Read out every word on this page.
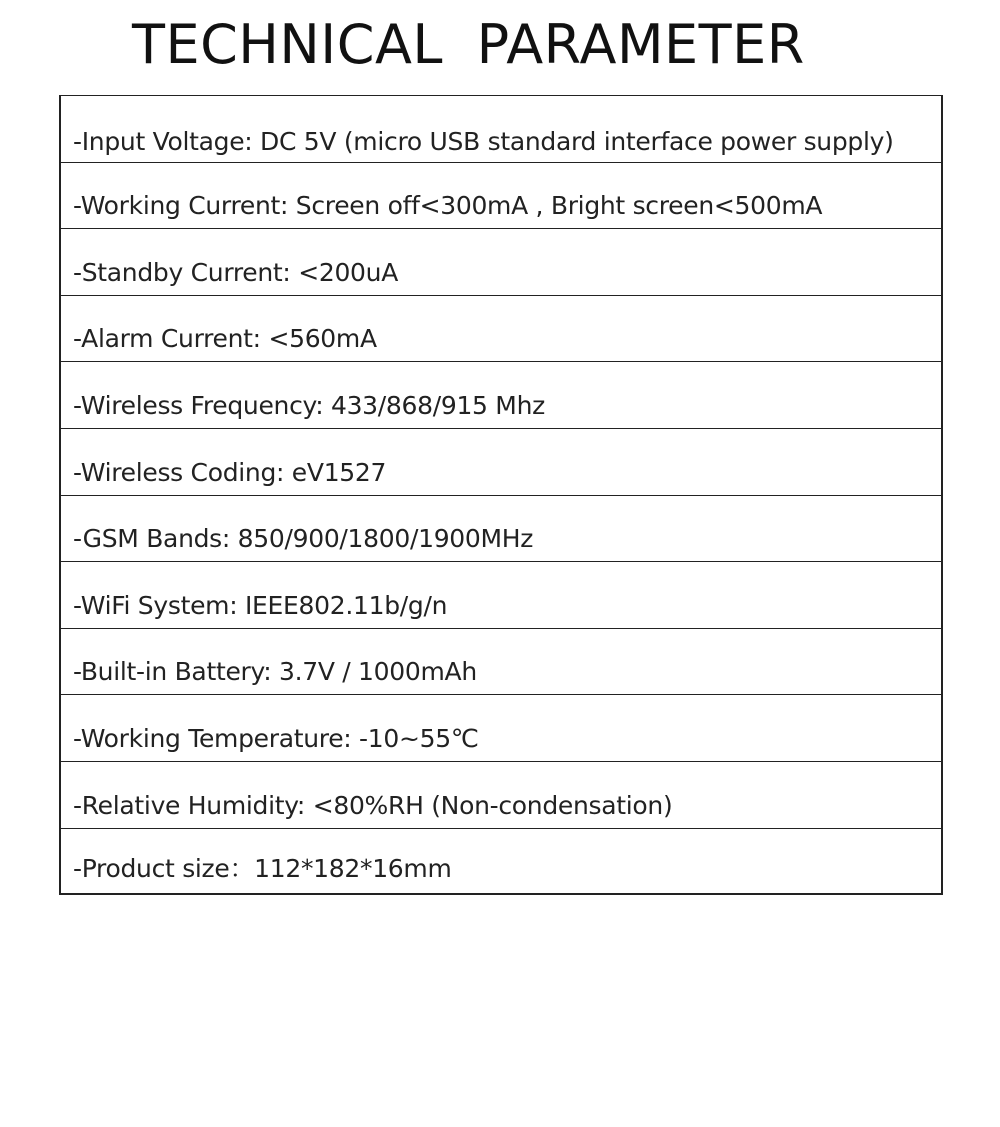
TECHNICAL PARAMETER
-Input Voltage: DC 5V (micro USB standard interface power supply)
-Working Current: Screen off<300mA , Bright screen<500mA
-Standby Current: <200uA
-Alarm Current: <560mA
-Wireless Frequency: 433/868/915 Mhz
-Wireless Coding: eV1527
-GSM Bands: 850/900/1800/1900MHz
-WiFi System: IEEE802.11b/g/n
-Built-in Battery: 3.7V / 1000mAh
-Working Temperature: -10~55℃
-Relative Humidity: <80%RH (Non-condensation)
-Product size：112*182*16mm
